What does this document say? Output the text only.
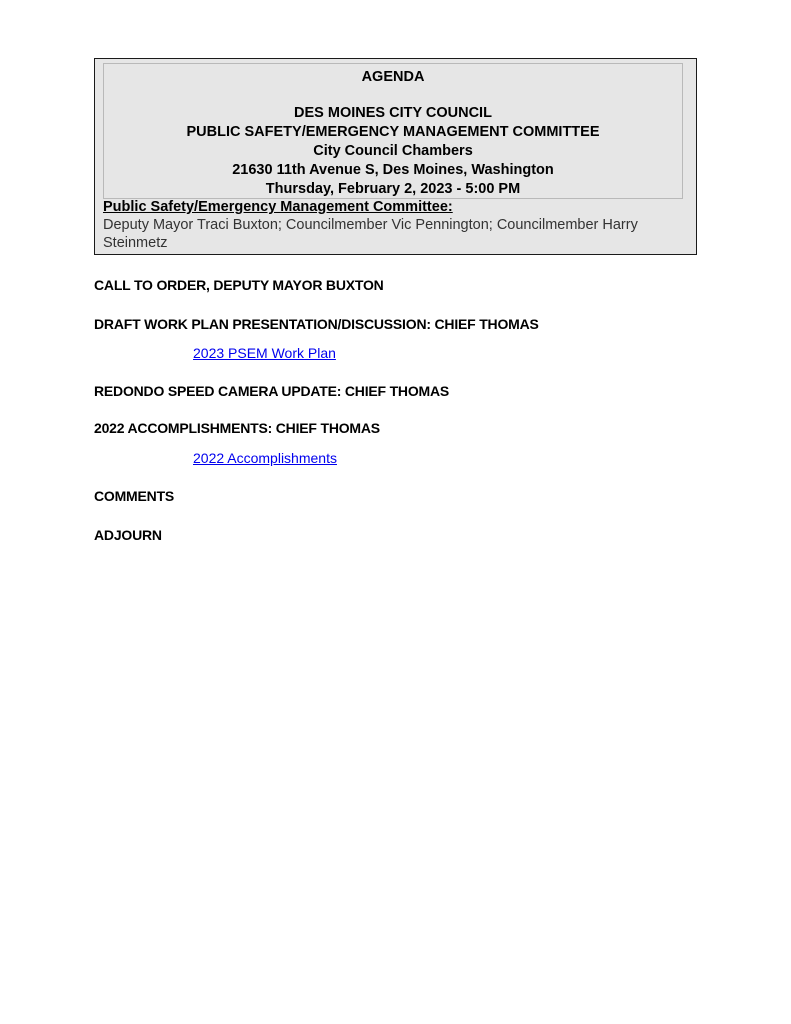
AGENDA
DES MOINES CITY COUNCIL
PUBLIC SAFETY/EMERGENCY MANAGEMENT COMMITTEE
City Council Chambers
21630 11th Avenue S, Des Moines, Washington
Thursday, February 2, 2023 - 5:00 PM
Public Safety/Emergency Management Committee:
Deputy Mayor Traci Buxton; Councilmember Vic Pennington; Councilmember Harry Steinmetz
CALL TO ORDER, DEPUTY MAYOR BUXTON
DRAFT WORK PLAN PRESENTATION/DISCUSSION: CHIEF THOMAS
2023 PSEM Work Plan
REDONDO SPEED CAMERA UPDATE: CHIEF THOMAS
2022 ACCOMPLISHMENTS: CHIEF THOMAS
2022 Accomplishments
COMMENTS
ADJOURN
